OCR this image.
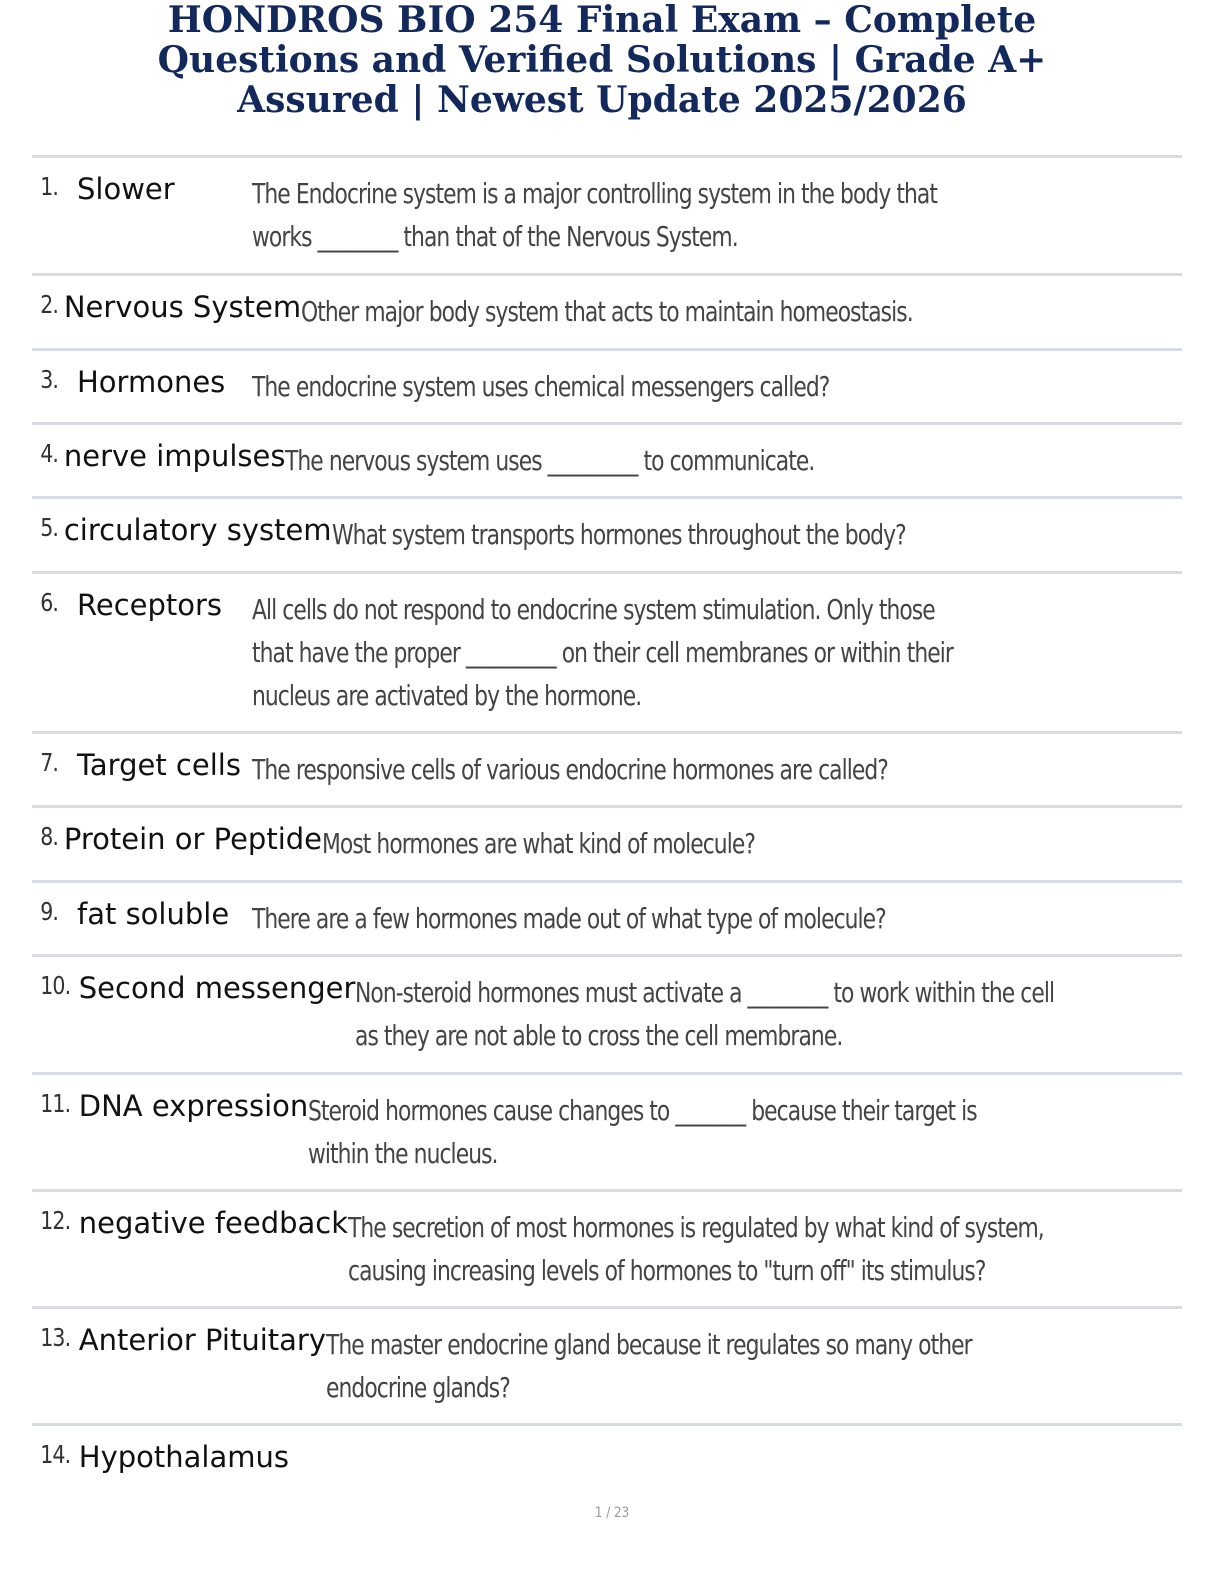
HONDROS BIO 254 Final Exam – Complete
Questions and Verified Solutions | Grade A+
Assured | Newest Update 2025/2026
1. Slower	The Endocrine system is a major controlling system in the body that works ________ than that of the Nervous System.
2. Nervous System Other major body system that acts to maintain homeostasis.
3. Hormones The endocrine system uses chemical messengers called?
4. nerve impulses The nervous system uses _________ to communicate.
5. circulatory system What system transports hormones throughout the body?
6. Receptors	All cells do not respond to endocrine system stimulation. Only those that have the proper _________ on their cell membranes or within their nucleus are activated by the hormone.
7. Target cells The responsive cells of various endocrine hormones are called?
8. Protein or Peptide Most hormones are what kind of molecule?
9. fat soluble There are a few hormones made out of what type of molecule?
10. Second messenger Non-steroid hormones must activate a ________ to work within the cell as they are not able to cross the cell membrane.
11. DNA expression Steroid hormones cause changes to _______ because their target is within the nucleus.
12. negative feedback The secretion of most hormones is regulated by what kind of system, causing increasing levels of hormones to "turn off" its stimulus?
13. Anterior Pituitary The master endocrine gland because it regulates so many other endocrine glands?
14. Hypothalamus
1 / 23
